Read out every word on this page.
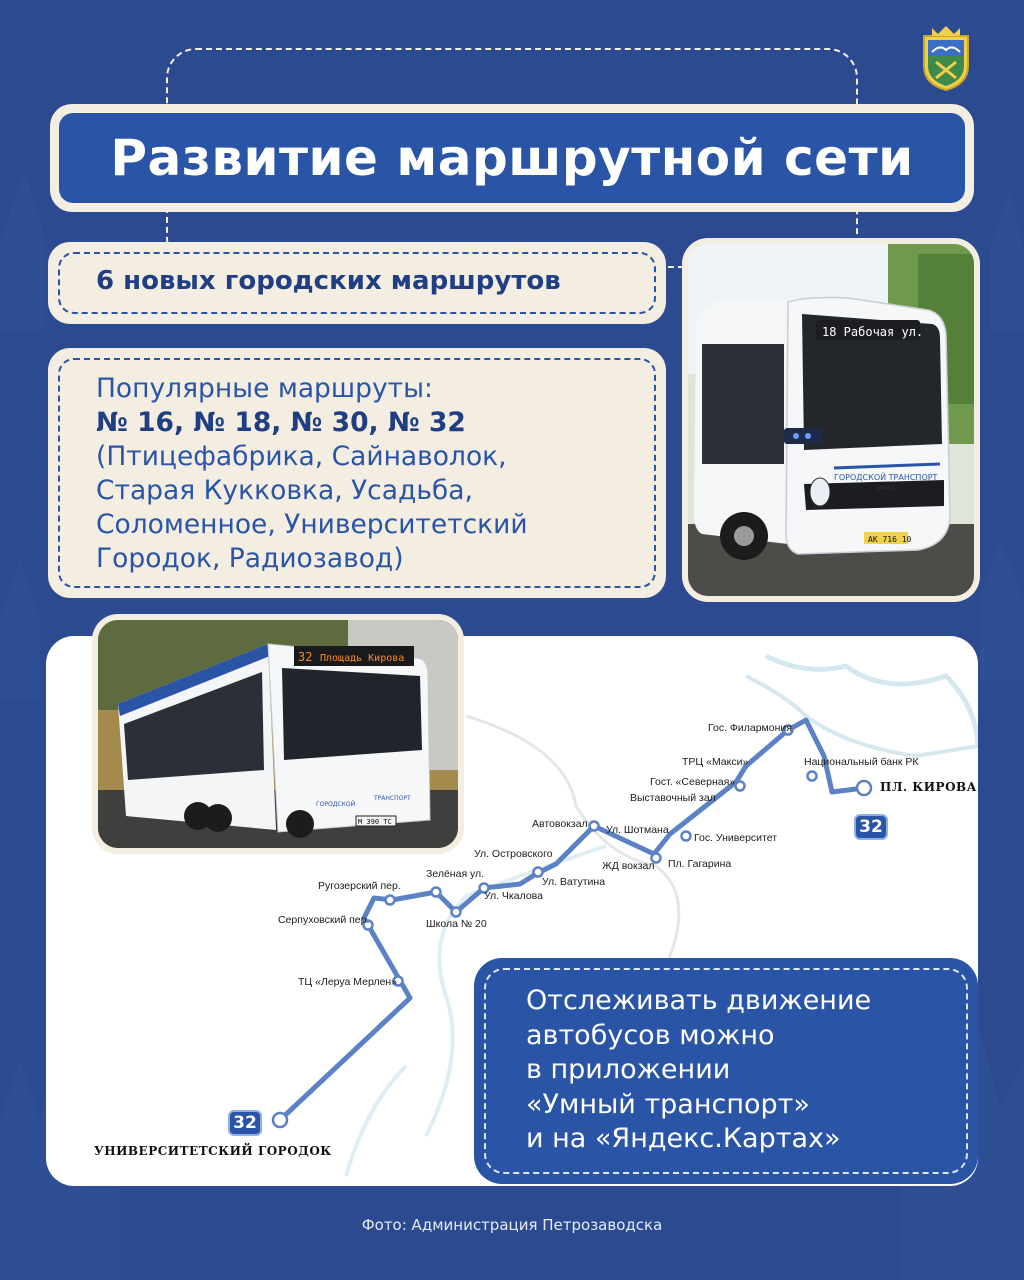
Развитие маршрутной сети
6 новых городских маршрутов
Популярные маршруты:
№ 16, № 18, № 30, № 32
(Птицефабрика, Сайнаволок,
Старая Кукковка, Усадьба,
Соломенное, Университетский
Городок, Радиозавод)
18 Рабочая ул.
ГОРОДСКОЙ ТРАНСПОРТ
SIMAZ
АК 716 10
Гос. Филармония
ТРЦ «Макси»	Национальный банк РК
Гост. «Северная»
Выставочный зал
Автовокзал Ул. Шотмана
Гос. Университет
Ул. Островского
ЖД вокзал Пл. Гагарина
Ул. Ватутина
Зелёная ул.
Ругозерский пер.
Ул. Чкалова
Серпуховский пер.	Школа № 20
ТЦ «Леруа Мерлен»
ПЛ. КИРОВА
УНИВЕРСИТЕТСКИЙ ГОРОДОК
32
32
32 Площадь Кирова
ГОРОДСКОЙ
ТРАНСПОРТ
М 390 ТС
Отслеживать движение
автобусов можно
в приложении
«Умный транспорт»
и на «Яндекс.Картах»
Фото: Администрация Петрозаводска
